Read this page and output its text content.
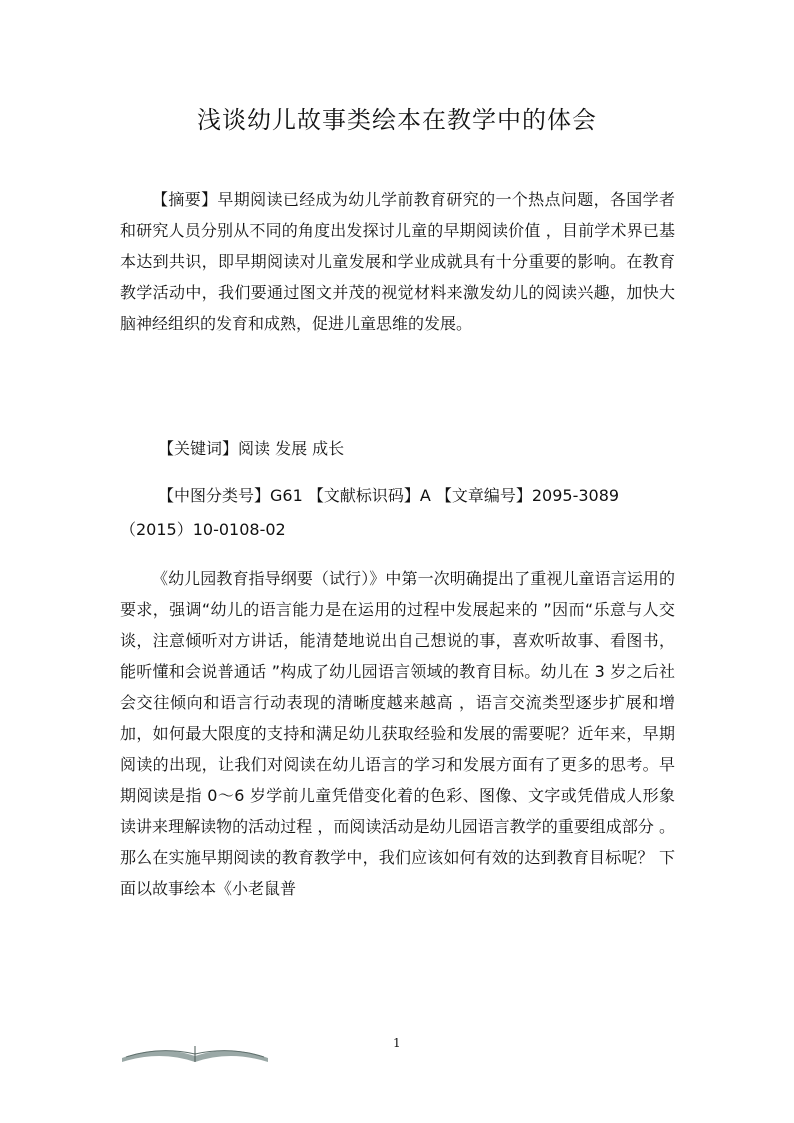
浅谈幼儿故事类绘本在教学中的体会

【摘要】早期阅读已经成为幼儿学前教育研究的一个热点问题，各国学者和研究人员分别从不同的角度出发探讨儿童的早期阅读价值 ，目前学术界已基本达到共识，即早期阅读对儿童发展和学业成就具有十分重要的影响。在教育教学活动中，我们要通过图文并茂的视觉材料来激发幼儿的阅读兴趣，加快大脑神经组织的发育和成熟，促进儿童思维的发展。

【关键词】阅读 发展 成长

【中图分类号】G61 【文献标识码】A 【文章编号】2095-3089

（2015）10-0108-02

《幼儿园教育指导纲要（试行）》中第一次明确提出了重视儿童语言运用的要求，强调“幼儿的语言能力是在运用的过程中发展起来的 ”因而“乐意与人交谈，注意倾听对方讲话，能清楚地说出自己想说的事，喜欢听故事、看图书，能听懂和会说普通话 ”构成了幼儿园语言领域的教育目标。幼儿在 3 岁之后社会交往倾向和语言行动表现的清晰度越来越高 ，语言交流类型逐步扩展和增加，如何最大限度的支持和满足幼儿获取经验和发展的需要呢？近年来，早期阅读的出现，让我们对阅读在幼儿语言的学习和发展方面有了更多的思考。早期阅读是指 0～6 岁学前儿童凭借变化着的色彩、图像、文字或凭借成人形象读讲来理解读物的活动过程 ，而阅读活动是幼儿园语言教学的重要组成部分 。那么在实施早期阅读的教育教学中，我们应该如何有效的达到教育目标呢？ 下面以故事绘本《小老鼠普

1
